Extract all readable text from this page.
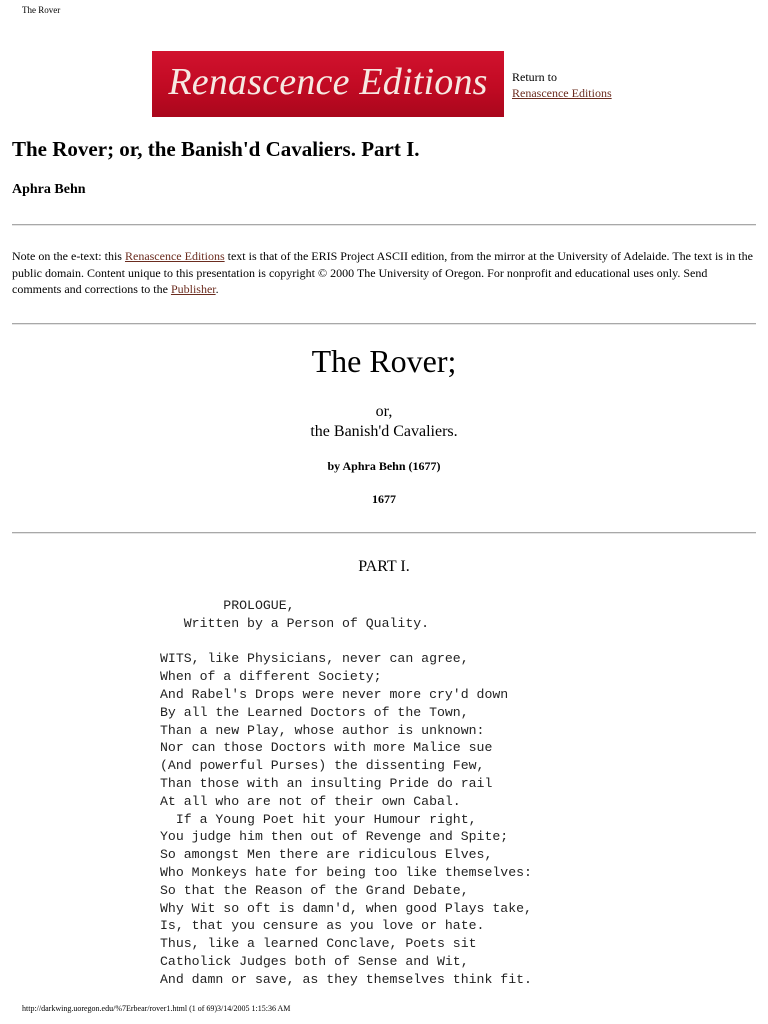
The Rover
Renascence Editions Return to
Renascence Editions
The Rover; or, the Banish'd Cavaliers. Part I.
Aphra Behn
Note on the e-text: this Renascence Editions text is that of the ERIS Project ASCII edition, from the mirror at the University of Adelaide. The text is in the public domain. Content unique to this presentation is copyright © 2000 The University of Oregon. For nonprofit and educational uses only. Send comments and corrections to the Publisher.
The Rover;
or,
the Banish'd Cavaliers.
by Aphra Behn (1677)
1677
PART I.
PROLOGUE,
Written by a Person of Quality.

WITS, like Physicians, never can agree,
When of a different Society;
And Rabel's Drops were never more cry'd down
By all the Learned Doctors of the Town,
Than a new Play, whose author is unknown:
Nor can those Doctors with more Malice sue
(And powerful Purses) the dissenting Few,
Than those with an insulting Pride do rail
At all who are not of their own Cabal.
If a Young Poet hit your Humour right,
You judge him then out of Revenge and Spite;
So amongst Men there are ridiculous Elves,
Who Monkeys hate for being too like themselves:
So that the Reason of the Grand Debate,
Why Wit so oft is damn'd, when good Plays take,
Is, that you censure as you love or hate.
Thus, like a learned Conclave, Poets sit
Catholick Judges both of Sense and Wit,
And damn or save, as they themselves think fit.
http://darkwing.uoregon.edu/%7Erbear/rover1.html (1 of 69)3/14/2005 1:15:36 AM
